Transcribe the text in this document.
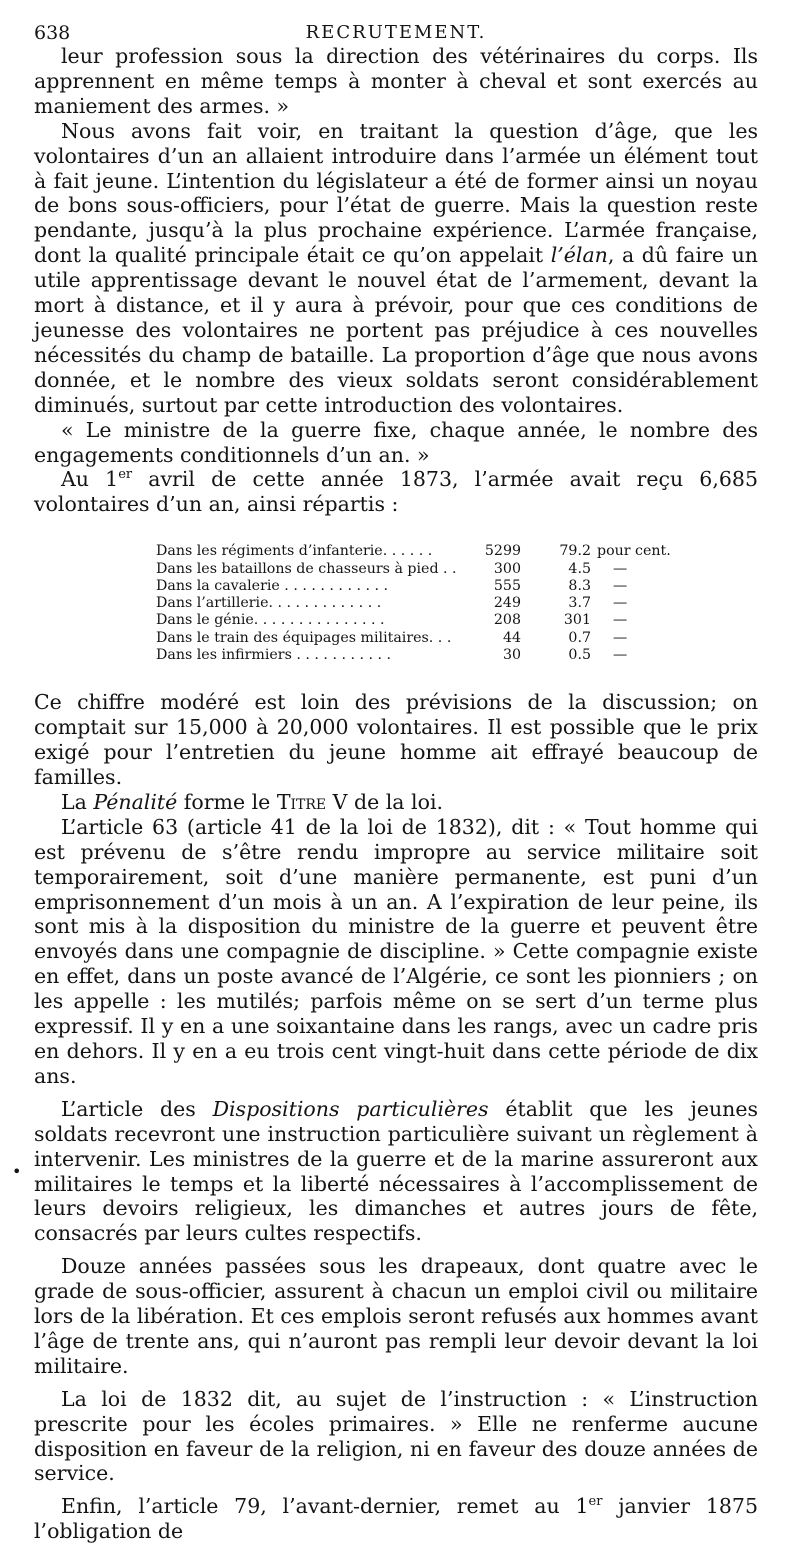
638	RECRUTEMENT.

leur profession sous la direction des vétérinaires du corps. Ils apprennent en même temps à monter à cheval et sont exercés au maniement des armes. »

Nous avons fait voir, en traitant la question d’âge, que les volontaires d’un an allaient introduire dans l’armée un élément tout à fait jeune. L’intention du législateur a été de former ainsi un noyau de bons sous-officiers, pour l’état de guerre. Mais la question reste pendante, jusqu’à la plus prochaine expérience. L’armée française, dont la qualité principale était ce qu’on appelait l’élan, a dû faire un utile apprentissage devant le nouvel état de l’armement, devant la mort à distance, et il y aura à prévoir, pour que ces conditions de jeunesse des volontaires ne portent pas préjudice à ces nouvelles nécessités du champ de bataille. La proportion d’âge que nous avons donnée, et le nombre des vieux soldats seront considérablement diminués, surtout par cette introduction des volontaires.

« Le ministre de la guerre fixe, chaque année, le nombre des engagements conditionnels d’un an. »

Au 1er avril de cette année 1873, l’armée avait reçu 6,685 volontaires d’un an, ainsi répartis :

Dans les régiments d’infanterie. . . . . .	5299	79.2	pour cent.
Dans les bataillons de chasseurs à pied . .	300	4.5	—
Dans la cavalerie . . . . . . . . . . . .	555	8.3	—
Dans l’artillerie. . . . . . . . . . . . .	249	3.7	—
Dans le génie. . . . . . . . . . . . . . .	208	301	—
Dans le train des équipages militaires. . .	44	0.7	—
Dans les infirmiers . . . . . . . . . . .	30	0.5	—

Ce chiffre modéré est loin des prévisions de la discussion; on comptait sur 15,000 à 20,000 volontaires. Il est possible que le prix exigé pour l’entretien du jeune homme ait effrayé beaucoup de familles.

La Pénalité forme le Titre V de la loi.

L’article 63 (article 41 de la loi de 1832), dit : « Tout homme qui est prévenu de s’être rendu impropre au service militaire soit temporairement, soit d’une manière permanente, est puni d’un emprisonnement d’un mois à un an. A l’expiration de leur peine, ils sont mis à la disposition du ministre de la guerre et peuvent être envoyés dans une compagnie de discipline. » Cette compagnie existe en effet, dans un poste avancé de l’Algérie, ce sont les pionniers ; on les appelle : les mutilés; parfois même on se sert d’un terme plus expressif. Il y en a une soixantaine dans les rangs, avec un cadre pris en dehors. Il y en a eu trois cent vingt-huit dans cette période de dix ans.

L’article des Dispositions particulières établit que les jeunes soldats recevront une instruction particulière suivant un règlement à intervenir. Les ministres de la guerre et de la marine assureront aux militaires le temps et la liberté nécessaires à l’accomplissement de leurs devoirs religieux, les dimanches et autres jours de fête, consacrés par leurs cultes respectifs.

Douze années passées sous les drapeaux, dont quatre avec le grade de sous-officier, assurent à chacun un emploi civil ou militaire lors de la libération. Et ces emplois seront refusés aux hommes avant l’âge de trente ans, qui n’auront pas rempli leur devoir devant la loi militaire.

La loi de 1832 dit, au sujet de l’instruction : « L’instruction prescrite pour les écoles primaires. » Elle ne renferme aucune disposition en faveur de la religion, ni en faveur des douze années de service.

Enfin, l’article 79, l’avant-dernier, remet au 1er janvier 1875 l’obligation de

•
